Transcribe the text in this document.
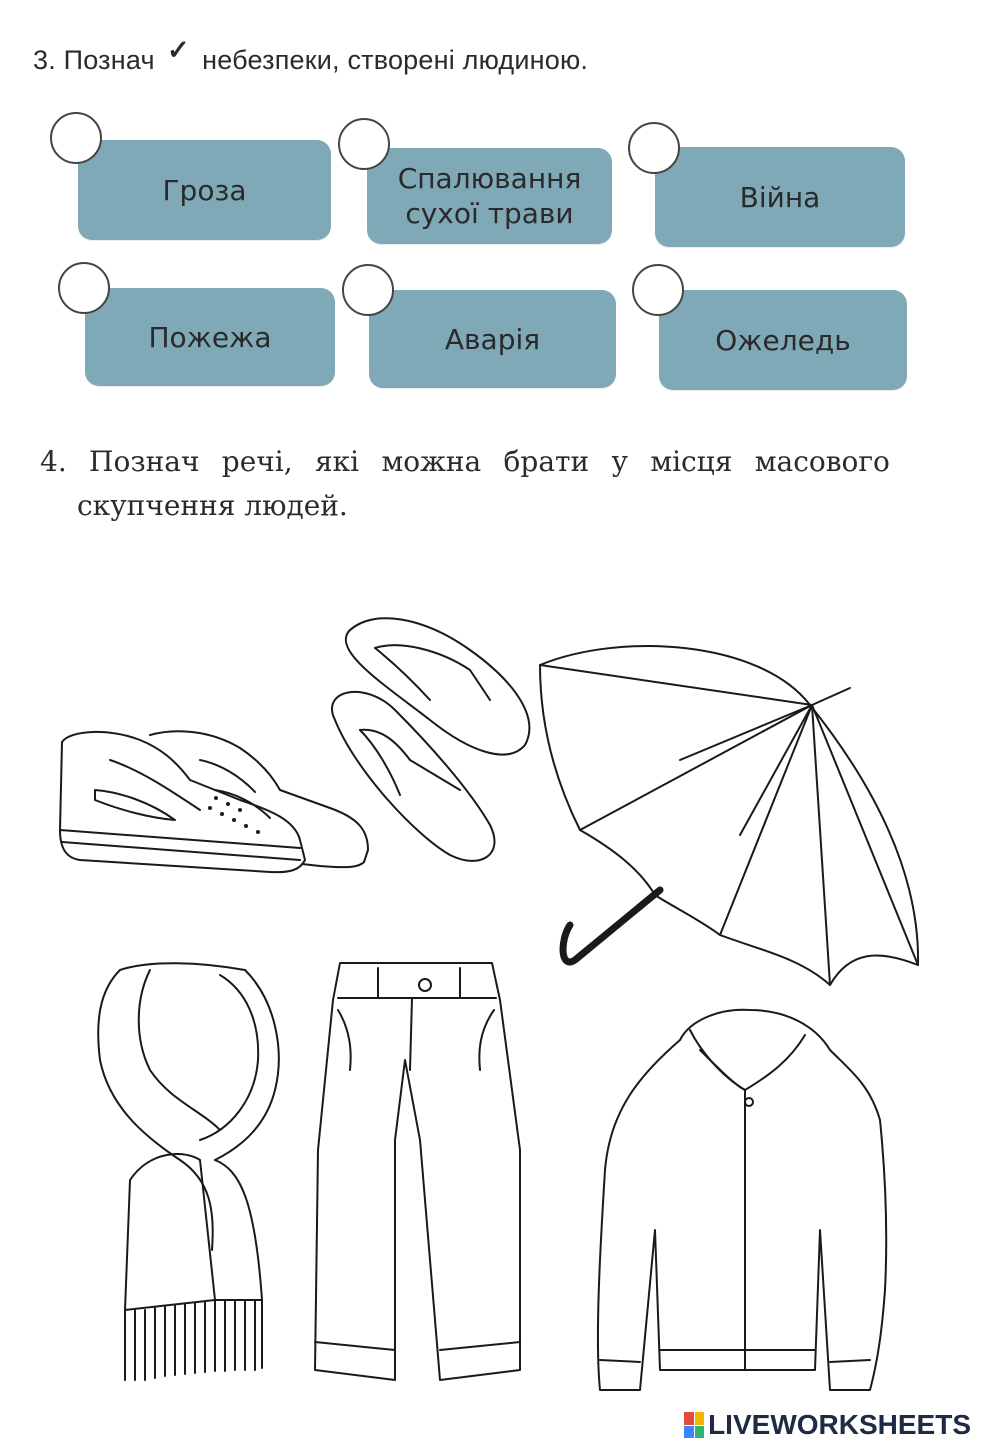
3. Познач ✓ небезпеки, створені людиною.
Гроза	Спалювання
сухої трави	Війна
Пожежа	Аварія	Ожеледь
4. Познач речі, які можна брати у місця масового
скупчення людей.
LIVEWORKSHEETS
